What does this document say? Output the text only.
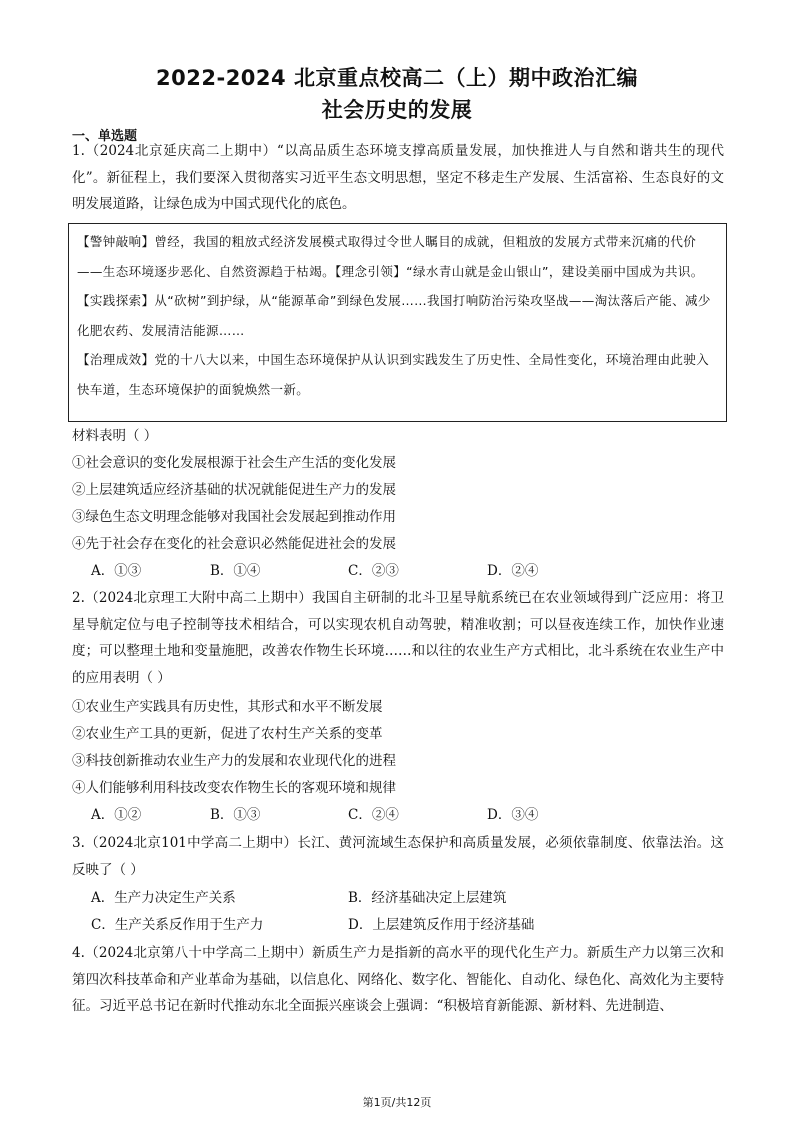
2022-2024 北京重点校高二（上）期中政治汇编
社会历史的发展
一、单选题
1.（2024北京延庆高二上期中）“以高品质生态环境支撑高质量发展，加快推进人与自然和谐共生的现代化”。新征程上，我们要深入贯彻落实习近平生态文明思想，坚定不移走生产发展、生活富裕、生态良好的文明发展道路，让绿色成为中国式现代化的底色。

【警钟敲响】曾经，我国的粗放式经济发展模式取得过令世人瞩目的成就，但粗放的发展方式带来沉痛的代价——生态环境逐步恶化、自然资源趋于枯竭。【理念引领】“绿水青山就是金山银山”，建设美丽中国成为共识。

【实践探索】从“砍树”到护绿，从“能源革命”到绿色发展……我国打响防治污染攻坚战——淘汰落后产能、减少化肥农药、发展清洁能源……

【治理成效】党的十八大以来，中国生态环境保护从认识到实践发生了历史性、全局性变化，环境治理由此驶入快车道，生态环境保护的面貌焕然一新。

材料表明（ ）
①社会意识的变化发展根源于社会生产生活的变化发展
②上层建筑适应经济基础的状况就能促进生产力的发展
③绿色生态文明理念能够对我国社会发展起到推动作用
④先于社会存在变化的社会意识必然能促进社会的发展
A．①③	B．①④	C．②③	D．②④
2.（2024北京理工大附中高二上期中）我国自主研制的北斗卫星导航系统已在农业领域得到广泛应用：将卫星导航定位与电子控制等技术相结合，可以实现农机自动驾驶，精准收割；可以昼夜连续工作，加快作业速度；可以整理土地和变量施肥，改善农作物生长环境……和以往的农业生产方式相比，北斗系统在农业生产中的应用表明（ ）
①农业生产实践具有历史性，其形式和水平不断发展
②农业生产工具的更新，促进了农村生产关系的变革
③科技创新推动农业生产力的发展和农业现代化的进程
④人们能够利用科技改变农作物生长的客观环境和规律
A．①②	B．①③	C．②④	D．③④
3.（2024北京101中学高二上期中）长江、黄河流域生态保护和高质量发展，必须依靠制度、依靠法治。这反映了（ ）
A．生产力决定生产关系	B．经济基础决定上层建筑
C．生产关系反作用于生产力	D．上层建筑反作用于经济基础
4.（2024北京第八十中学高二上期中）新质生产力是指新的高水平的现代化生产力。新质生产力以第三次和第四次科技革命和产业革命为基础，以信息化、网络化、数字化、智能化、自动化、绿色化、高效化为主要特征。习近平总书记在新时代推动东北全面振兴座谈会上强调：“积极培育新能源、新材料、先进制造、
第1页/共12页
